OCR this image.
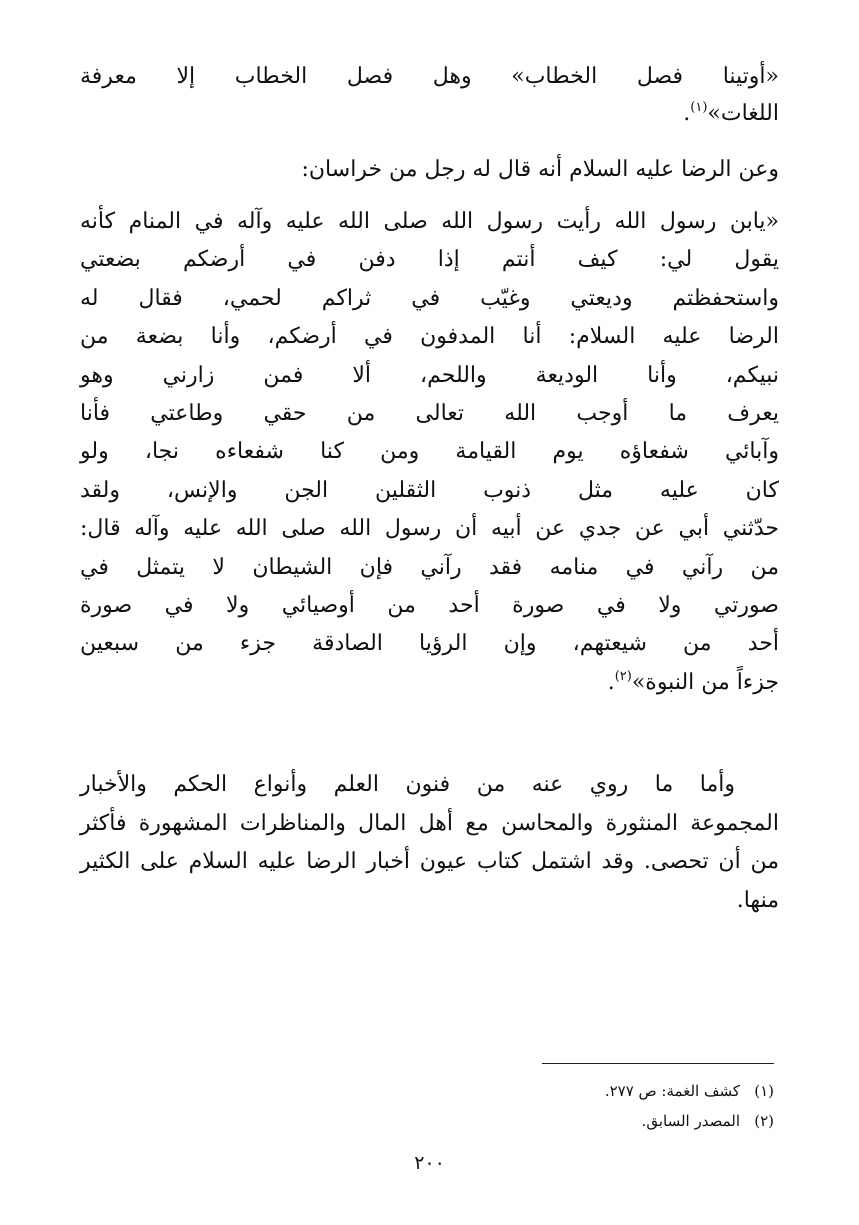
«أوتينا فصل الخطاب» وهل فصل الخطاب إلا معرفة
اللغات»$^{(١)}$.
وعن الرضا عليه السلام أنه قال له رجل من خراسان:
«يابن رسول الله رأيت رسول الله صلى الله عليه وآله في المنام كأنه
يقول لي: كيف أنتم إذا دفن في أرضكم بضعتي
واستحفظتم وديعتي وغيّب في ثراكم لحمي، فقال له
الرضا عليه السلام: أنا المدفون في أرضكم، وأنا بضعة من
نبيكم، وأنا الوديعة واللحم، ألا فمن زارني وهو
يعرف ما أوجب الله تعالى من حقي وطاعتي فأنا
وآبائي شفعاؤه يوم القيامة ومن كنا شفعاءه نجا، ولو
كان عليه مثل ذنوب الثقلين الجن والإنس، ولقد
حدّثني أبي عن جدي عن أبيه أن رسول الله صلى الله عليه وآله قال:
من رآني في منامه فقد رآني فإن الشيطان لا يتمثل في
صورتي ولا في صورة أحد من أوصيائي ولا في صورة
أحد من شيعتهم، وإن الرؤيا الصادقة جزء من سبعين
جزءاً من النبوة»$^{(٢)}$.
وأما ما روي عنه من فنون العلم وأنواع الحكم والأخبار
المجموعة المنثورة والمحاسن مع أهل المال والمناظرات المشهورة فأكثر
من أن تحصى. وقد اشتمل كتاب عيون أخبار الرضا عليه السلام على الكثير
منها.
(١)كشف الغمة: ص ٢٧٧.
(٢)المصدر السابق.
٢٠٠
